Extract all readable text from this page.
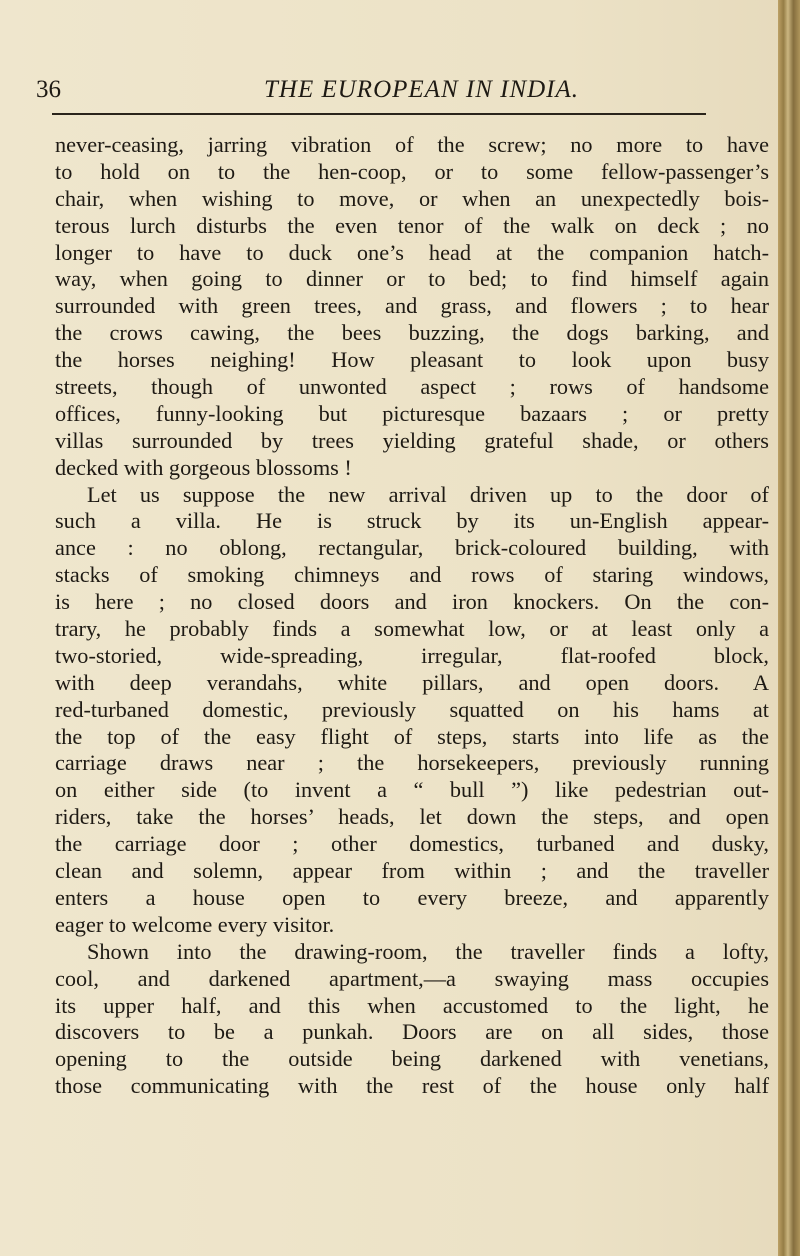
36	THE EUROPEAN IN INDIA.
never-ceasing, jarring vibration of the screw; no more to have
to hold on to the hen-coop, or to some fellow-passenger’s
chair, when wishing to move, or when an unexpectedly bois-
terous lurch disturbs the even tenor of the walk on deck ; no
longer to have to duck one’s head at the companion hatch-
way, when going to dinner or to bed; to find himself again
surrounded with green trees, and grass, and flowers ; to hear
the crows cawing, the bees buzzing, the dogs barking, and
the horses neighing! How pleasant to look upon busy
streets, though of unwonted aspect ; rows of handsome
offices, funny-looking but picturesque bazaars ; or pretty
villas surrounded by trees yielding grateful shade, or others
decked with gorgeous blossoms !
Let us suppose the new arrival driven up to the door of
such a villa. He is struck by its un-English appear-
ance : no oblong, rectangular, brick-coloured building, with
stacks of smoking chimneys and rows of staring windows,
is here ; no closed doors and iron knockers. On the con-
trary, he probably finds a somewhat low, or at least only a
two-storied, wide-spreading, irregular, flat-roofed block,
with deep verandahs, white pillars, and open doors. A
red-turbaned domestic, previously squatted on his hams at
the top of the easy flight of steps, starts into life as the
carriage draws near ; the horsekeepers, previously running
on either side (to invent a “ bull ”) like pedestrian out-
riders, take the horses’ heads, let down the steps, and open
the carriage door ; other domestics, turbaned and dusky,
clean and solemn, appear from within ; and the traveller
enters a house open to every breeze, and apparently
eager to welcome every visitor.
Shown into the drawing-room, the traveller finds a lofty,
cool, and darkened apartment,—a swaying mass occupies
its upper half, and this when accustomed to the light, he
discovers to be a punkah. Doors are on all sides, those
opening to the outside being darkened with venetians,
those communicating with the rest of the house only half
